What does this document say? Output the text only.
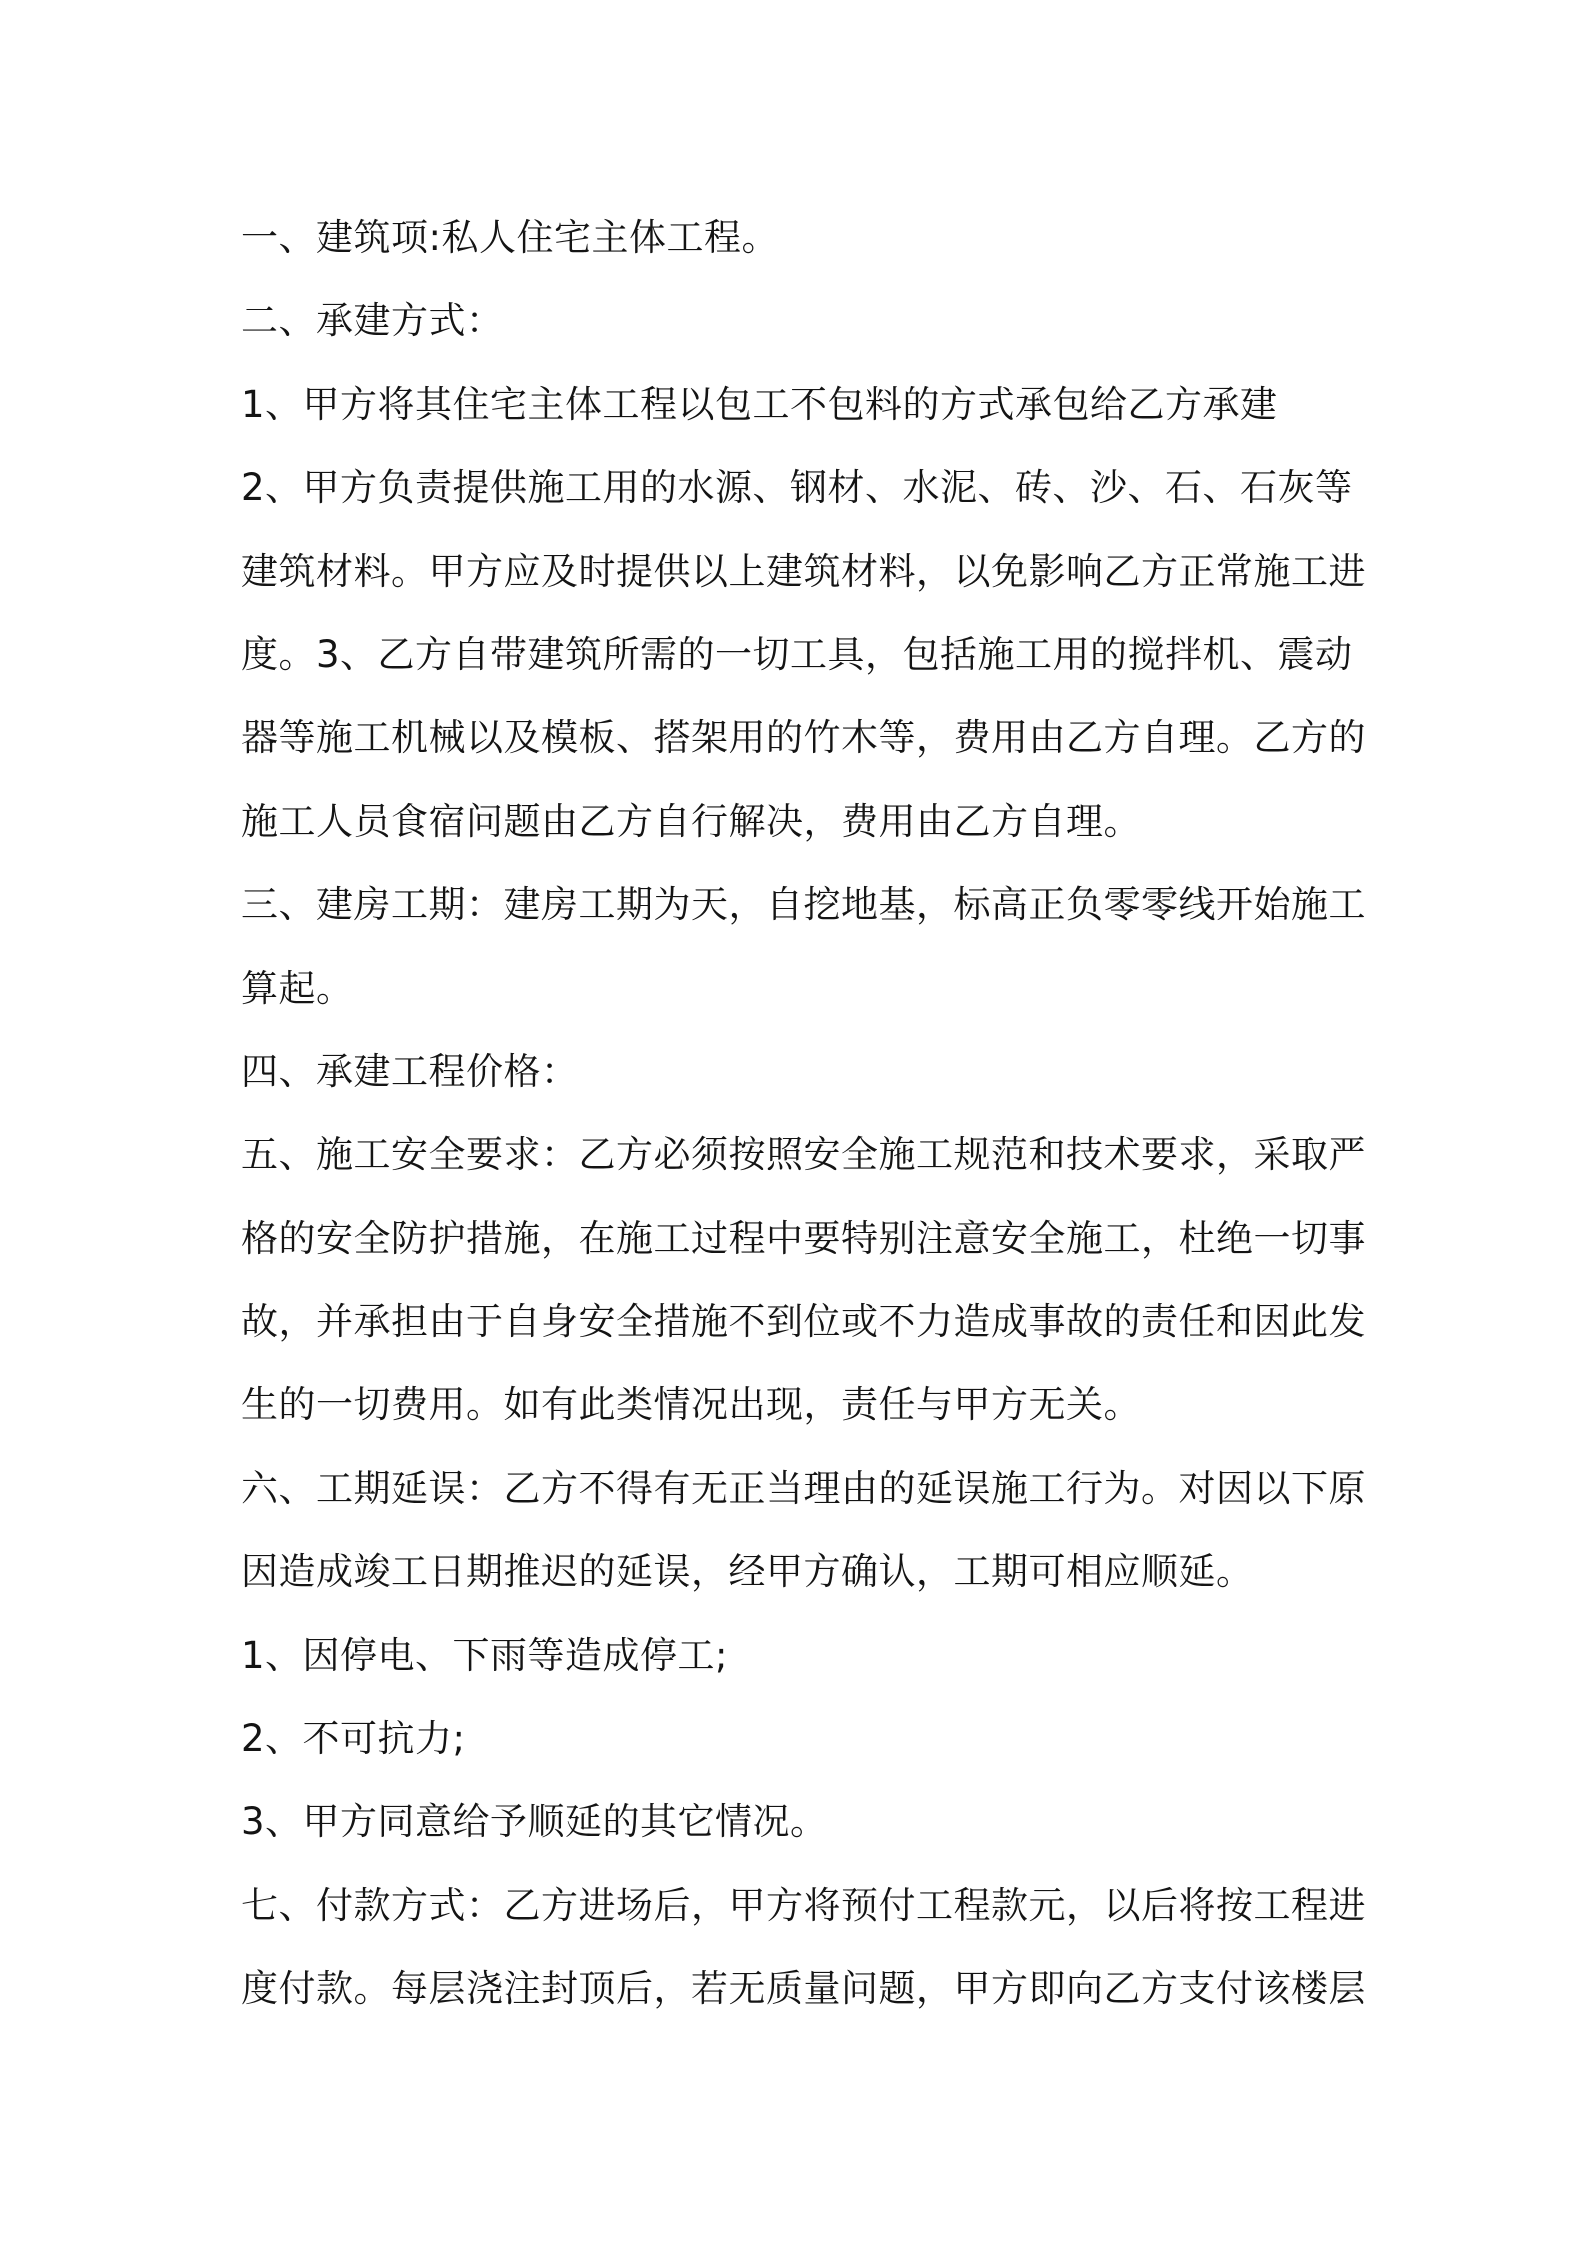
一、建筑项:私人住宅主体工程。
二、承建方式：
1、甲方将其住宅主体工程以包工不包料的方式承包给乙方承建
2、甲方负责提供施工用的水源、钢材、水泥、砖、沙、石、石灰等
建筑材料。甲方应及时提供以上建筑材料，以免影响乙方正常施工进
度。3、乙方自带建筑所需的一切工具，包括施工用的搅拌机、震动
器等施工机械以及模板、搭架用的竹木等，费用由乙方自理。乙方的
施工人员食宿问题由乙方自行解决，费用由乙方自理。
三、建房工期：建房工期为天，自挖地基，标高正负零零线开始施工
算起。
四、承建工程价格：
五、施工安全要求：乙方必须按照安全施工规范和技术要求，采取严
格的安全防护措施，在施工过程中要特别注意安全施工，杜绝一切事
故，并承担由于自身安全措施不到位或不力造成事故的责任和因此发
生的一切费用。如有此类情况出现，责任与甲方无关。
六、工期延误：乙方不得有无正当理由的延误施工行为。对因以下原
因造成竣工日期推迟的延误，经甲方确认，工期可相应顺延。
1、因停电、下雨等造成停工;
2、不可抗力;
3、甲方同意给予顺延的其它情况。
七、付款方式：乙方进场后，甲方将预付工程款元，以后将按工程进
度付款。每层浇注封顶后，若无质量问题，甲方即向乙方支付该楼层
